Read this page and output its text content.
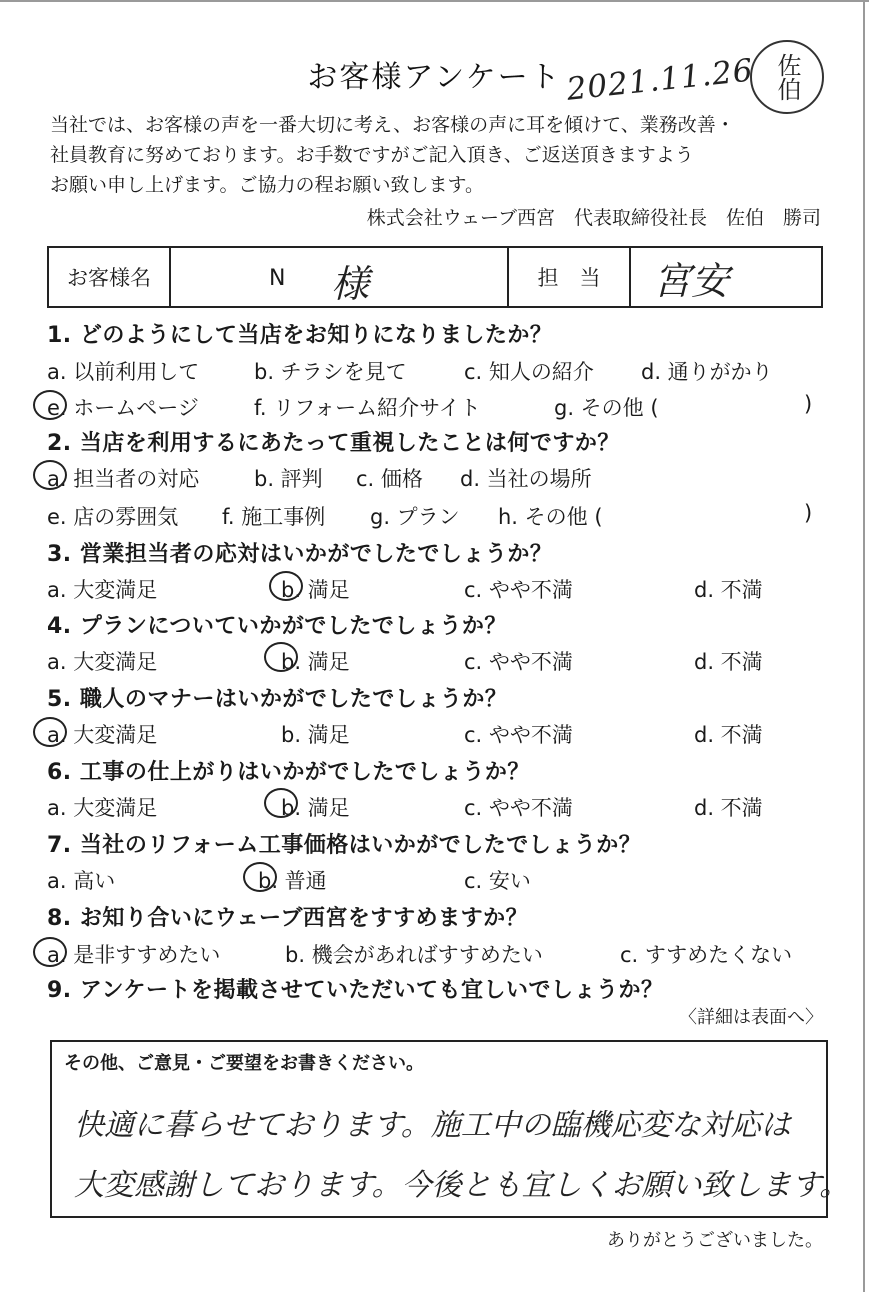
お客様アンケート 2021.11.26 佐伯

当社では、お客様の声を一番大切に考え、お客様の声に耳を傾けて、業務改善・

社員教育に努めております。お手数ですがご記入頂き、ご返送頂きますよう

お願い申し上げます。ご協力の程お願い致します。

株式会社ウェーブ西宮　代表取締役社長　佐伯　勝司
お客様名	N 様	担　当	宮安
1. どのようにして当店をお知りになりましたか？
a. 以前利用して	b. チラシを見て	c. 知人の紹介 d. 通りがかり
e. ホームページ	f. リフォーム紹介サイト	g. その他 (	)
2. 当店を利用するにあたって重視したことは何ですか？
a. 担当者の対応	b. 評判 c. 価格 d. 当社の場所
e. 店の雰囲気 f. 施工事例 g. プラン h. その他 (	)
3. 営業担当者の応対はいかがでしたでしょうか？
a. 大変満足	b. 満足	c. やや不満	d. 不満
4. プランについていかがでしたでしょうか？
a. 大変満足	b. 満足	c. やや不満	d. 不満
5. 職人のマナーはいかがでしたでしょうか？
a. 大変満足	b. 満足	c. やや不満	d. 不満
6. 工事の仕上がりはいかがでしたでしょうか？
a. 大変満足	b. 満足	c. やや不満	d. 不満
7. 当社のリフォーム工事価格はいかがでしたでしょうか？
a. 高い	b. 普通	c. 安い
8. お知り合いにウェーブ西宮をすすめますか？
a. 是非すすめたい	b. 機会があればすすめたい	c. すすめたくない
9. アンケートを掲載させていただいても宜しいでしょうか？
〈詳細は表面へ〉
その他、ご意見・ご要望をお書きください。
快適に暮らせております。施工中の臨機応変な対応は
大変感謝しております。今後とも宜しくお願い致します。
ありがとうございました。
